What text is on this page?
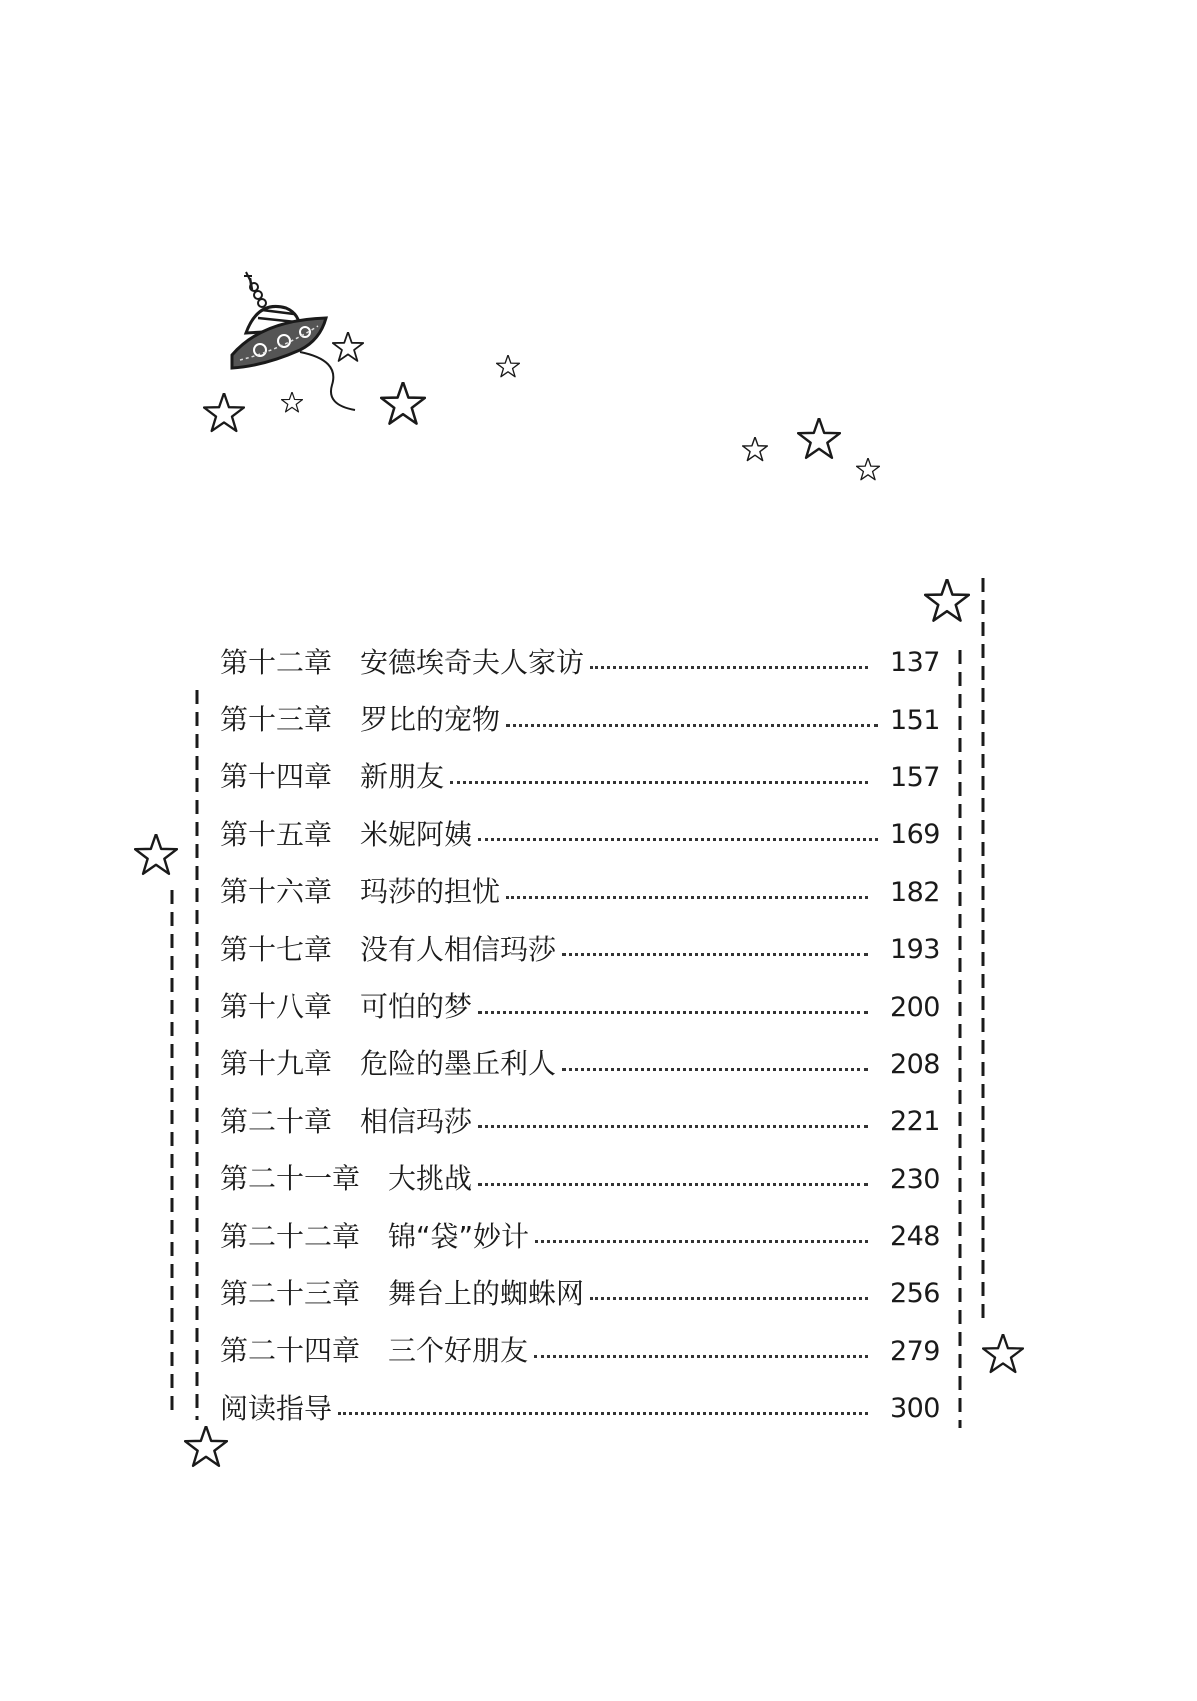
第十二章 安德埃奇夫人家访	137
第十三章 罗比的宠物	151
第十四章 新朋友	157
第十五章 米妮阿姨	169
第十六章 玛莎的担忧	182
第十七章 没有人相信玛莎	193
第十八章 可怕的梦	200
第十九章 危险的墨丘利人	208
第二十章 相信玛莎	221
第二十一章 大挑战	230
第二十二章 锦“袋”妙计	248
第二十三章 舞台上的蜘蛛网	256
第二十四章 三个好朋友	279
阅读指导	300
